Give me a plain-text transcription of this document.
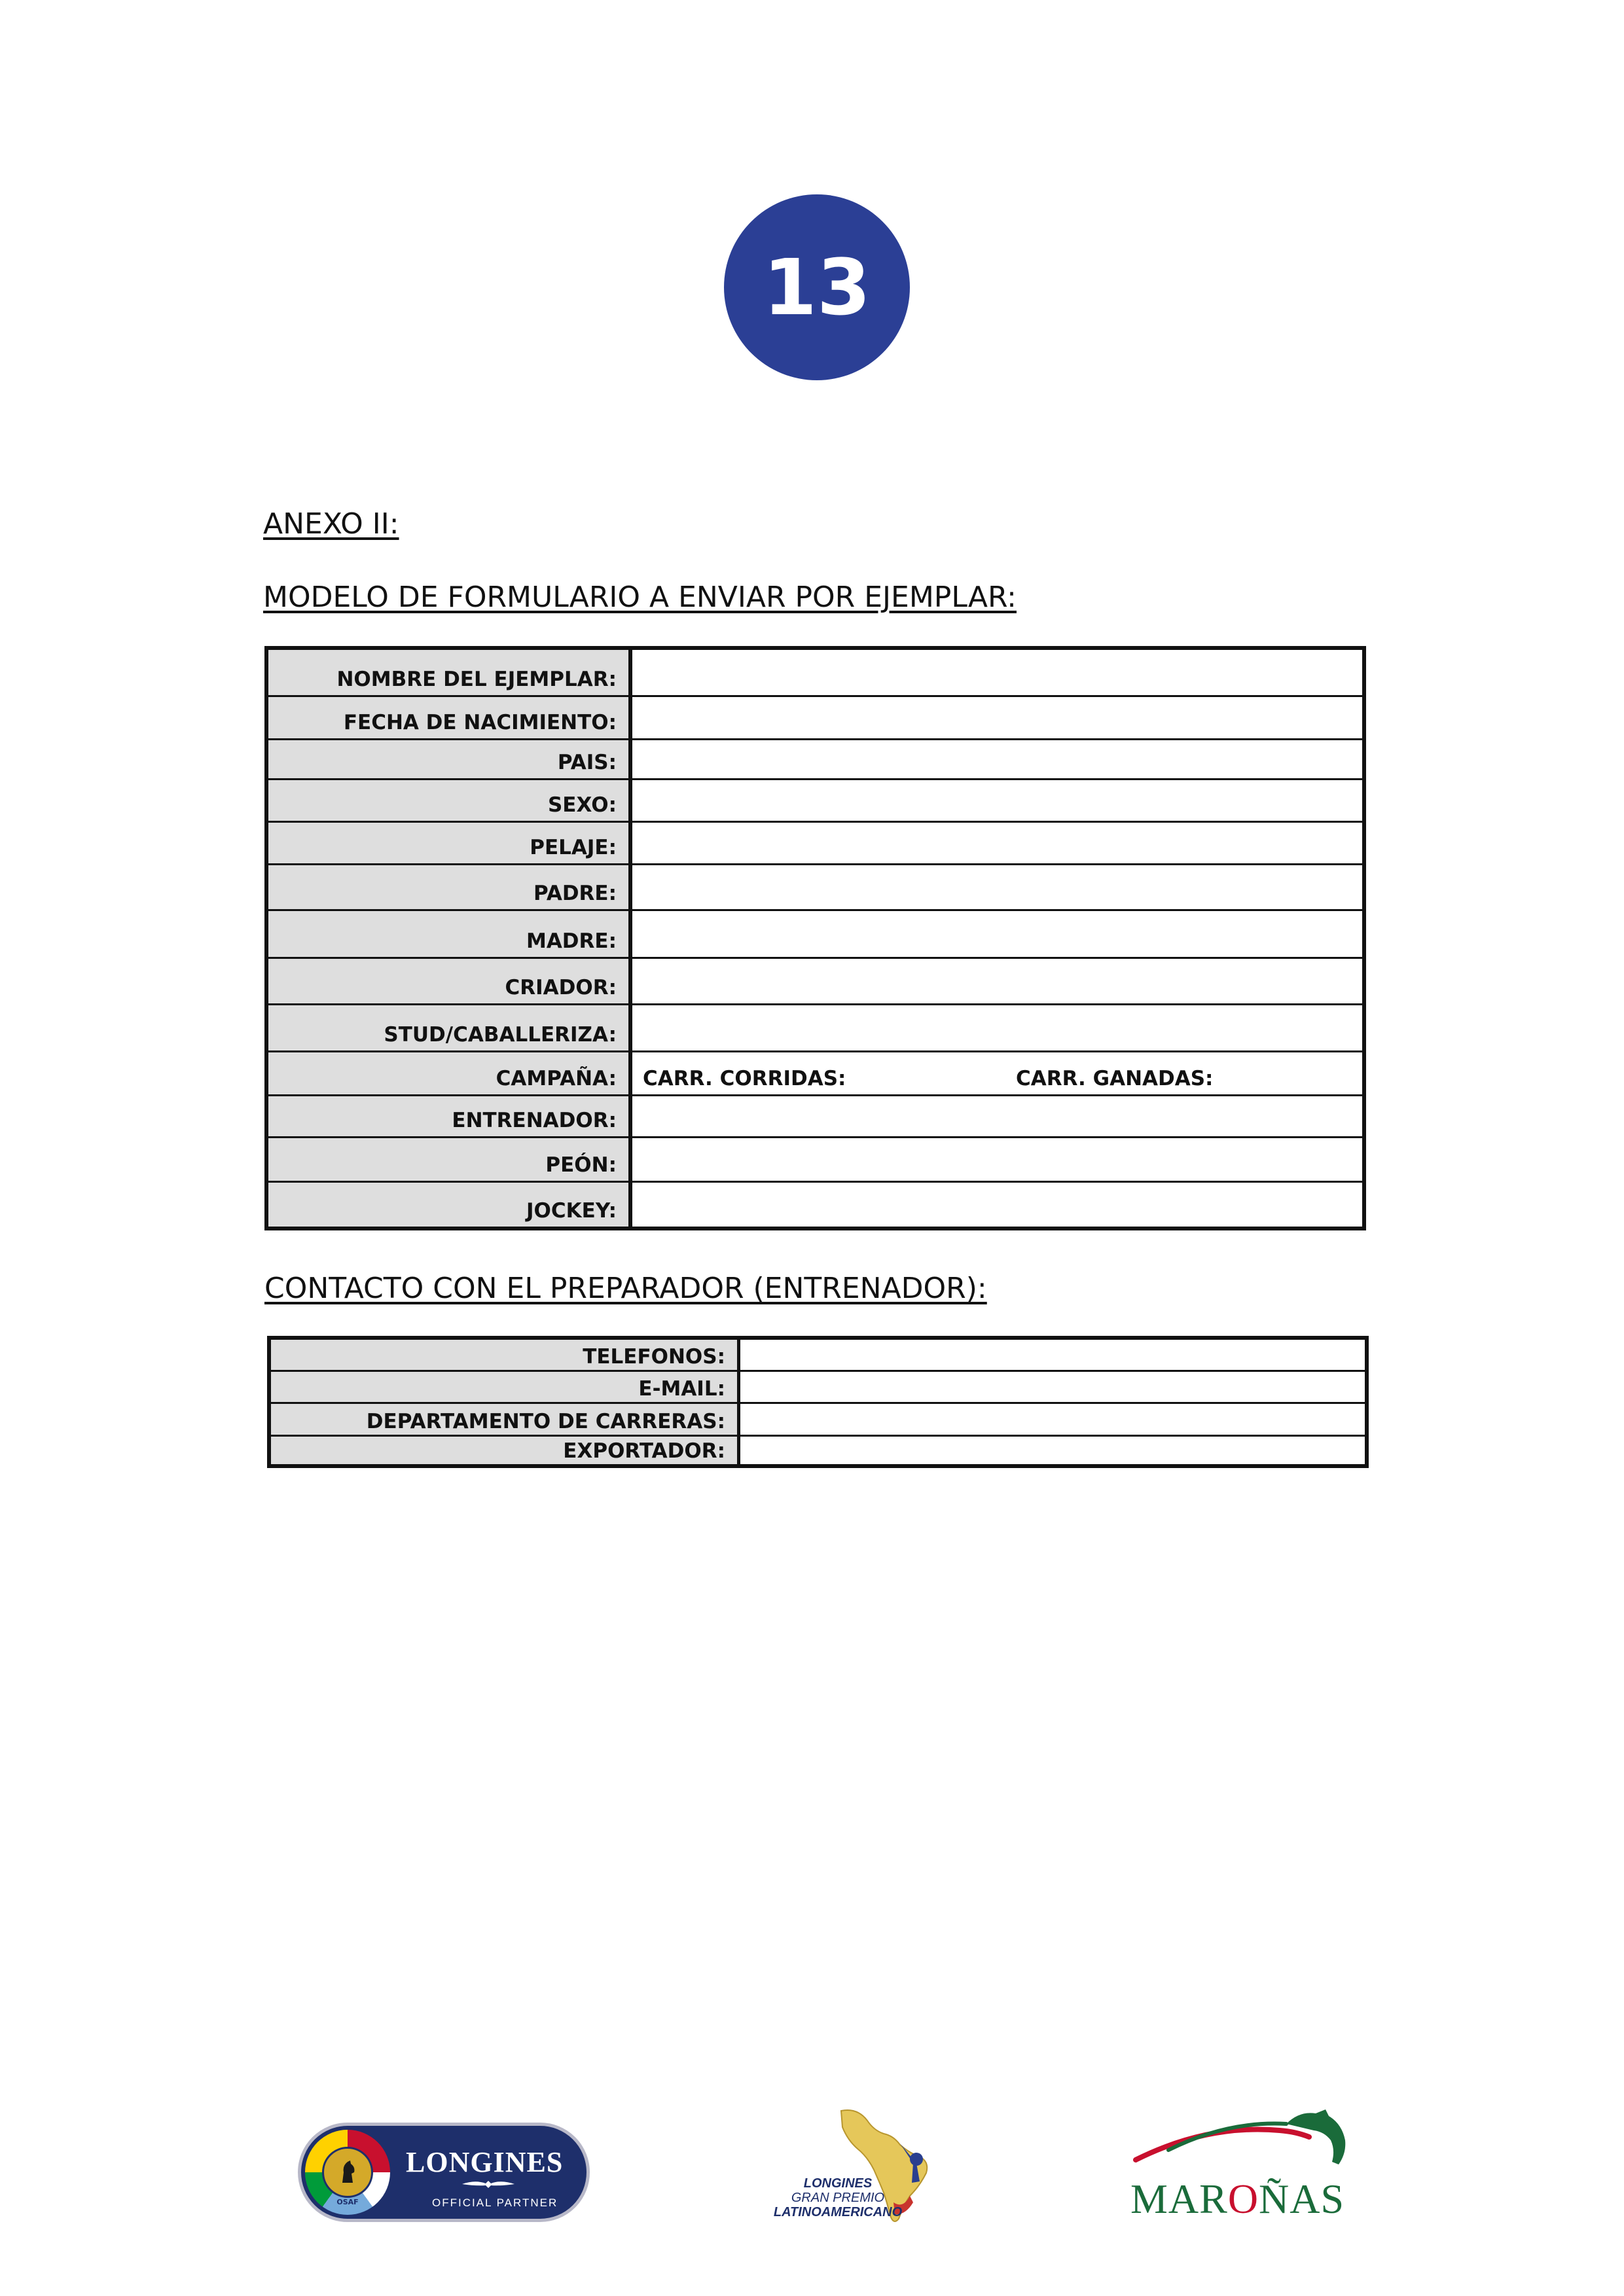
13
ANEXO II:
MODELO DE FORMULARIO A ENVIAR POR EJEMPLAR:
NOMBRE DEL EJEMPLAR:
FECHA DE NACIMIENTO:
PAIS:
SEXO:
PELAJE:
PADRE:
MADRE:
CRIADOR:
STUD/CABALLERIZA:
CAMPAÑA:	CARR. CORRIDAS:	CARR. GANADAS:
ENTRENADOR:
PEÓN:
JOCKEY:
CONTACTO CON EL PREPARADOR (ENTRENADOR):
TELEFONOS:
E-MAIL:
DEPARTAMENTO DE CARRERAS:
EXPORTADOR:
OSAF
LONGINES
OFFICIAL PARTNER
LONGINES
GRAN PREMIO
LATINOAMERICANO	MAROÑAS
